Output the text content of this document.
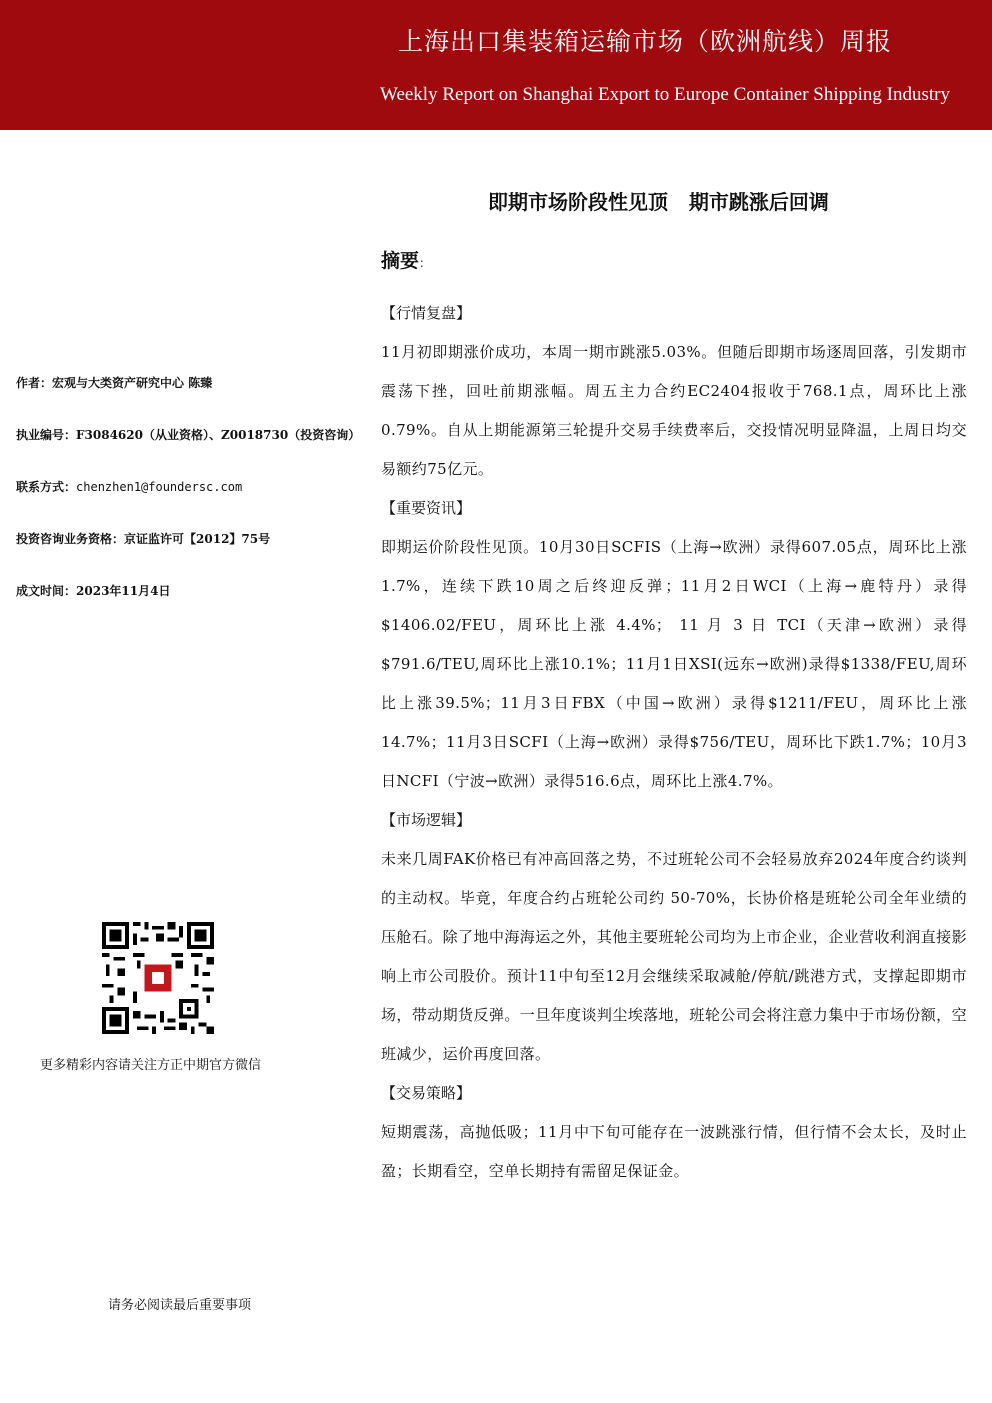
上海出口集装箱运输市场（欧洲航线）周报
Weekly Report on Shanghai Export to Europe Container Shipping Industry
即期市场阶段性见顶   期市跳涨后回调
摘要：

【行情复盘】

11月初即期涨价成功，本周一期市跳涨5.03%。但随后即期市场逐周回落，引发期市震荡下挫，回吐前期涨幅。周五主力合约EC2404报收于768.1点，周环比上涨0.79%。自从上期能源第三轮提升交易手续费率后，交投情况明显降温，上周日均交易额约75亿元。

【重要资讯】

即期运价阶段性见顶。10月30日SCFIS（上海→欧洲）录得607.05点，周环比上涨1.7%，连续下跌10周之后终迎反弹；11月2日WCI（上海→鹿特丹）录得$1406.02/FEU，周环比上涨 4.4%； 11 月 3 日 TCI（天津→欧洲）录得$791.6/TEU,周环比上涨10.1%；11月1日XSI(远东→欧洲)录得$1338/FEU,周环比上涨39.5%；11月3日FBX（中国→欧洲）录得$1211/FEU，周环比上涨14.7%；11月3日SCFI（上海→欧洲）录得$756/TEU，周环比下跌1.7%；10月3日NCFI（宁波→欧洲）录得516.6点，周环比上涨4.7%。

【市场逻辑】

未来几周FAK价格已有冲高回落之势，不过班轮公司不会轻易放弃2024年度合约谈判的主动权。毕竟，年度合约占班轮公司约 50-70%，长协价格是班轮公司全年业绩的压舱石。除了地中海海运之外，其他主要班轮公司均为上市企业，企业营收利润直接影响上市公司股价。预计11中旬至12月会继续采取减舱/停航/跳港方式，支撑起即期市场，带动期货反弹。一旦年度谈判尘埃落地，班轮公司会将注意力集中于市场份额，空班减少，运价再度回落。

【交易策略】

短期震荡，高抛低吸；11月中下旬可能存在一波跳涨行情，但行情不会太长，及时止盈；长期看空，空单长期持有需留足保证金。

作者：宏观与大类资产研究中心 陈臻
执业编号：F3084620（从业资格）、Z0018730（投资咨询）
联系方式：chenzhen1@foundersc.com
投资咨询业务资格：京证监许可【2012】75号
成文时间：2023年11月4日
更多精彩内容请关注方正中期官方微信
请务必阅读最后重要事项
